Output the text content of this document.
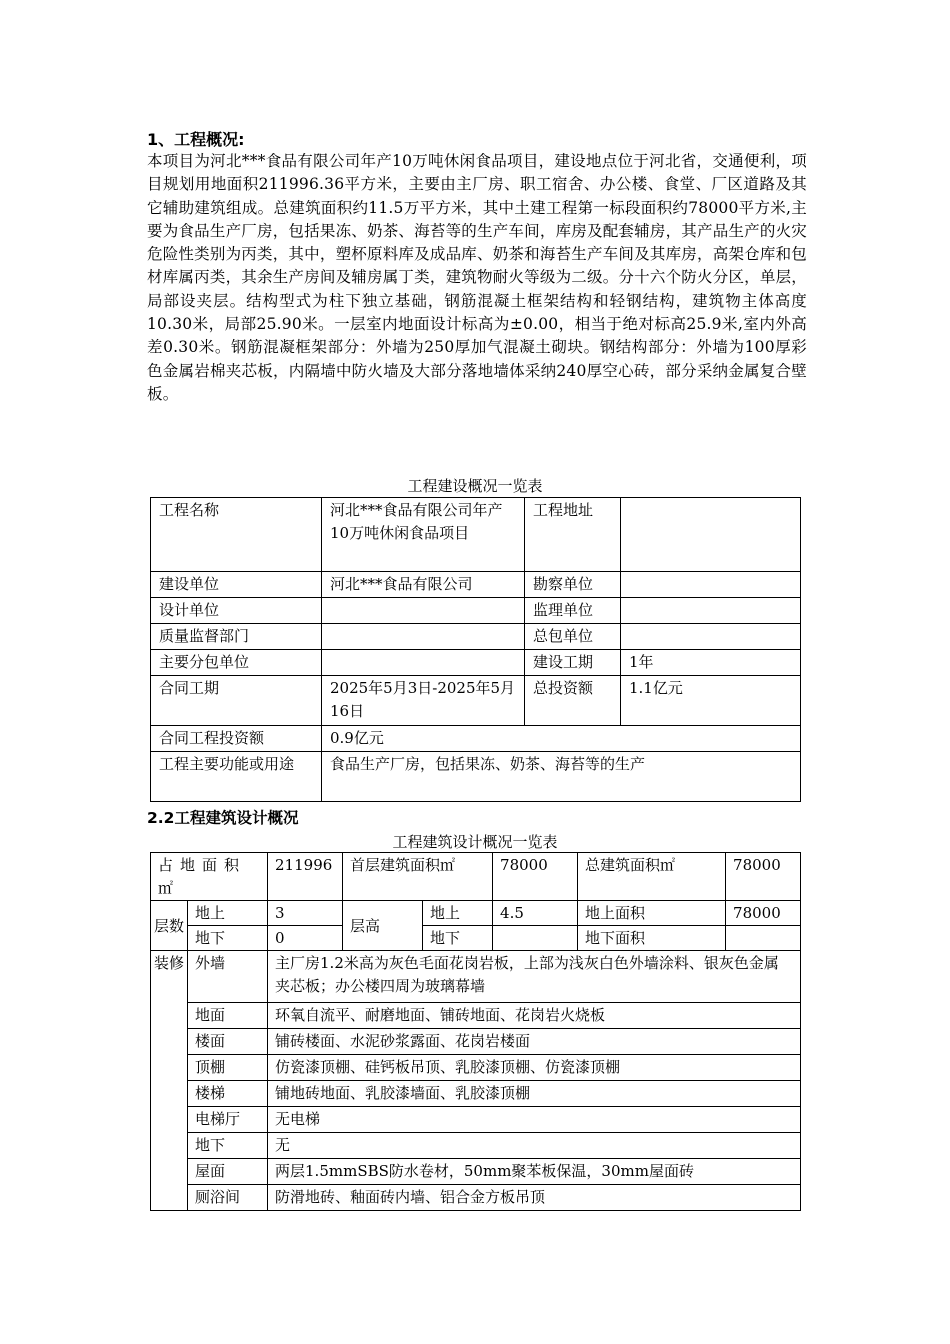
1、工程概况:

本项目为河北***食品有限公司年产10万吨休闲食品项目，建设地点位于河北省，交通便利，项目规划用地面积211996.36平方米，主要由主厂房、职工宿舍、办公楼、食堂、厂区道路及其它辅助建筑组成。总建筑面积约11.5万平方米，其中土建工程第一标段面积约78000平方米,主要为食品生产厂房，包括果冻、奶茶、海苔等的生产车间，库房及配套辅房，其产品生产的火灾危险性类别为丙类，其中，塑杯原料库及成品库、奶茶和海苔生产车间及其库房，高架仓库和包材库属丙类，其余生产房间及辅房属丁类，建筑物耐火等级为二级。分十六个防火分区，单层，局部设夹层。结构型式为柱下独立基础，钢筋混凝土框架结构和轻钢结构，建筑物主体高度10.30米，局部25.90米。一层室内地面设计标高为±0.00，相当于绝对标高25.9米,室内外高差0.30米。钢筋混凝框架部分：外墙为250厚加气混凝土砌块。钢结构部分：外墙为100厚彩色金属岩棉夹芯板，内隔墙中防火墙及大部分落地墙体采纳240厚空心砖，部分采纳金属复合壁板。

工程建设概况一览表
工程名称	河北***食品有限公司年产10万吨休闲食品项目	工程地址	
建设单位	河北***食品有限公司	勘察单位	
设计单位		监理单位	
质量监督部门		总包单位	
主要分包单位		建设工期	1年
合同工期	2025年5月3日-2025年5月16日	总投资额	1.1亿元
合同工程投资额	0.9亿元		
工程主要功能或用途	食品生产厂房，包括果冻、奶茶、海苔等的生产		
2.2工程建筑设计概况
工程建筑设计概况一览表
占地面积㎡		211996	首层建筑面积㎡		78000	总建筑面积㎡	78000
层数	地上	3	层高	地上	4.5	地上面积	78000
	地下	0		地下		地下面积	
装修	外墙	主厂房1.2米高为灰色毛面花岗岩板，上部为浅灰白色外墙涂料、银灰色金属夹芯板；办公楼四周为玻璃幕墙					
	地面	环氧自流平、耐磨地面、铺砖地面、花岗岩火烧板					
	楼面	铺砖楼面、水泥砂浆露面、花岗岩楼面					
	顶棚	仿瓷漆顶棚、硅钙板吊顶、乳胶漆顶棚、仿瓷漆顶棚					
	楼梯	铺地砖地面、乳胶漆墙面、乳胶漆顶棚					
	电梯厅	无电梯					
	地下	无					
	屋面	两层1.5mmSBS防水卷材，50mm聚苯板保温，30mm屋面砖					
	厕浴间	防滑地砖、釉面砖内墙、铝合金方板吊顶					
